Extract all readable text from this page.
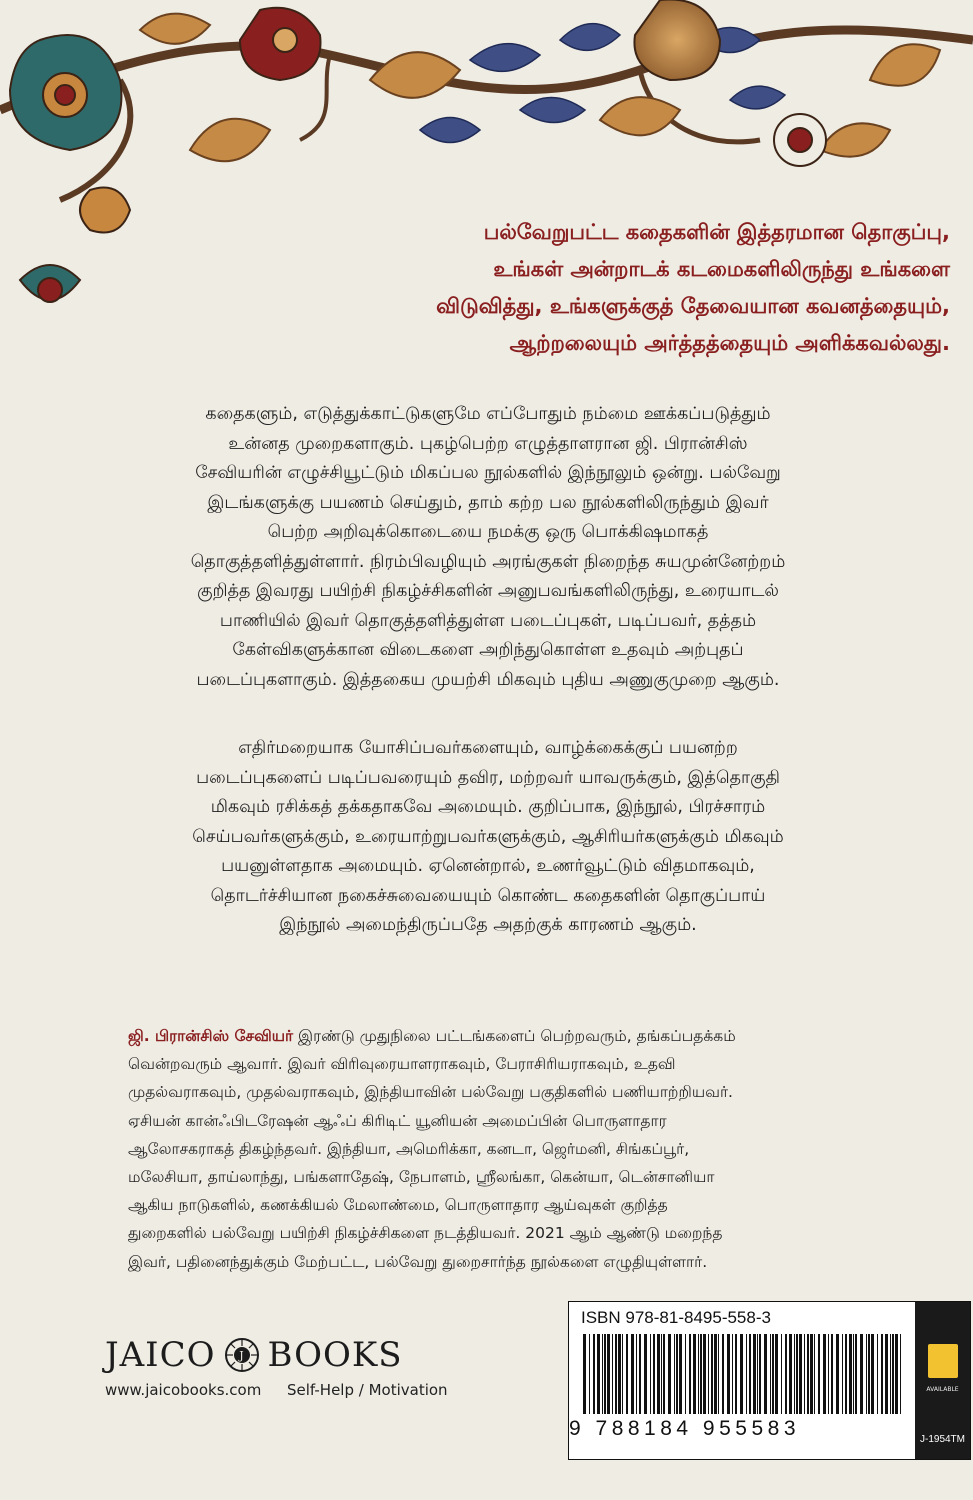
பல்வேறுபட்ட கதைகளின் இத்தரமான தொகுப்பு,
உங்கள் அன்றாடக் கடமைகளிலிருந்து உங்களை
விடுவித்து, உங்களுக்குத் தேவையான கவனத்தையும்,
ஆற்றலையும் அர்த்தத்தையும் அளிக்கவல்லது.
கதைகளும், எடுத்துக்காட்டுகளுமே எப்போதும் நம்மை ஊக்கப்படுத்தும்
உன்னத முறைகளாகும். புகழ்பெற்ற எழுத்தாளரான ஜி. பிரான்சிஸ்
சேவியரின் எழுச்சியூட்டும் மிகப்பல நூல்களில் இந்நூலும் ஒன்று. பல்வேறு
இடங்களுக்கு பயணம் செய்தும், தாம் கற்ற பல நூல்களிலிருந்தும் இவர்
பெற்ற அறிவுக்கொடையை நமக்கு ஒரு பொக்கிஷமாகத்
தொகுத்தளித்துள்ளார். நிரம்பிவழியும் அரங்குகள் நிறைந்த சுயமுன்னேற்றம்
குறித்த இவரது பயிற்சி நிகழ்ச்சிகளின் அனுபவங்களிலிருந்து, உரையாடல்
பாணியில் இவர் தொகுத்தளித்துள்ள படைப்புகள், படிப்பவர், தத்தம்
கேள்விகளுக்கான விடைகளை அறிந்துகொள்ள உதவும் அற்புதப்
படைப்புகளாகும். இத்தகைய முயற்சி மிகவும் புதிய அணுகுமுறை ஆகும்.
எதிர்மறையாக யோசிப்பவர்களையும், வாழ்க்கைக்குப் பயனற்ற
படைப்புகளைப் படிப்பவரையும் தவிர, மற்றவர் யாவருக்கும், இத்தொகுதி
மிகவும் ரசிக்கத் தக்கதாகவே அமையும். குறிப்பாக, இந்நூல், பிரச்சாரம்
செய்பவர்களுக்கும், உரையாற்றுபவர்களுக்கும், ஆசிரியர்களுக்கும் மிகவும்
பயனுள்ளதாக அமையும். ஏனென்றால், உணர்வூட்டும் விதமாகவும்,
தொடர்ச்சியான நகைச்சுவையையும் கொண்ட கதைகளின் தொகுப்பாய்
இந்நூல் அமைந்திருப்பதே அதற்குக் காரணம் ஆகும்.
ஜி. பிரான்சிஸ் சேவியர் இரண்டு முதுநிலை பட்டங்களைப் பெற்றவரும், தங்கப்பதக்கம்
வென்றவரும் ஆவார். இவர் விரிவுரையாளராகவும், பேராசிரியராகவும், உதவி
முதல்வராகவும், முதல்வராகவும், இந்தியாவின் பல்வேறு பகுதிகளில் பணியாற்றியவர்.
ஏசியன் கான்ஃபிடரேஷன் ஆஃப் கிரிடிட் யூனியன் அமைப்பின் பொருளாதார
ஆலோசகராகத் திகழ்ந்தவர். இந்தியா, அமெரிக்கா, கனடா, ஜெர்மனி, சிங்கப்பூர்,
மலேசியா, தாய்லாந்து, பங்களாதேஷ், நேபாளம், ஸ்ரீலங்கா, கென்யா, டென்சானியா
ஆகிய நாடுகளில், கணக்கியல் மேலாண்மை, பொருளாதார ஆய்வுகள் குறித்த
துறைகளில் பல்வேறு பயிற்சி நிகழ்ச்சிகளை நடத்தியவர். 2021 ஆம் ஆண்டு மறைந்த
இவர், பதினைந்துக்கும் மேற்பட்ட, பல்வேறு துறைசார்ந்த நூல்களை எழுதியுள்ளார்.
JAICO J BOOKS
www.jaicobooks.com Self-Help / Motivation
ISBN 978-81-8495-558-3
9 788184 955583
AVAILABLE
J-1954TM
